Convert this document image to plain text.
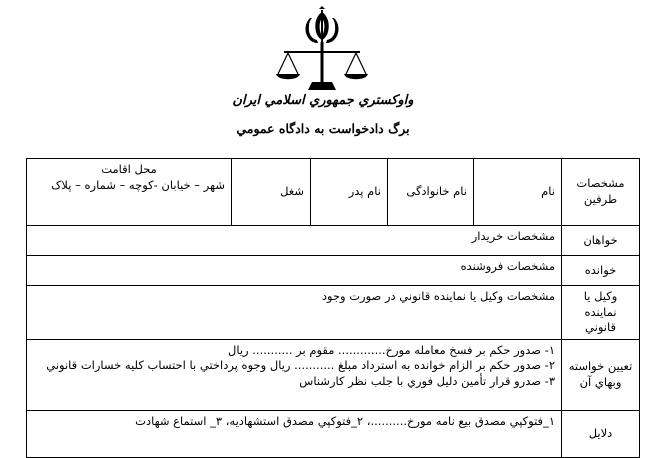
واوكستري جمهوري اسلامي ايران
برگ دادخواست به دادگاه عمومي
مشخصات طرفين	نام	نام خانوادگی	نام پدر	شغل	محل اقامت
شهر – خيابان -کوچه – شماره – پلاک

خواهان	مشخصات خريدار				
خوانده	مشخصات فروشنده				
وکيل يا نماينده قانوني	مشخصات وکيل يا نماينده قانوني در صورت وجود				
تعيين خواسته وبهاي آن	١- صدور حکم بر فسخ معامله مورخ............. مقوم بر ........... ريال
٢- صدور حکم بر الزام خوانده به استرداد مبلغ ........... ريال وجوه پرداختي با احتساب کليه خسارات قانوني
٣- صدرو قرار تأمين دليل فوري با جلب نظر کارشناس				

دلايل	١_فتوکپي مصدق بيع نامه مورخ..........، ٢_فتوکپي مصدق استشهاديه، ٣_ استماع شهادت				
